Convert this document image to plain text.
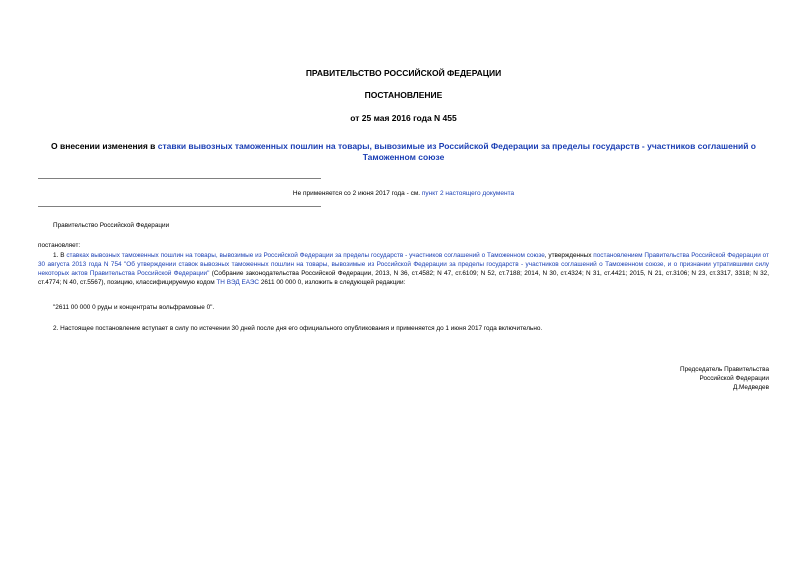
ПРАВИТЕЛЬСТВО РОССИЙСКОЙ ФЕДЕРАЦИИ
ПОСТАНОВЛЕНИЕ
от 25 мая 2016 года N 455
О внесении изменения в ставки вывозных таможенных пошлин на товары, вывозимые из Российской Федерации за пределы государств - участников соглашений о Таможенном союзе
Не применяется со 2 июня 2017 года - см. пункт 2 настоящего документа
Правительство Российской Федерации
постановляет:
1. В ставках вывозных таможенных пошлин на товары, вывозимые из Российской Федерации за пределы государств - участников соглашений о Таможенном союзе, утвержденных постановлением Правительства Российской Федерации от 30 августа 2013 года N 754 "Об утверждении ставок вывозных таможенных пошлин на товары, вывозимые из Российской Федерации за пределы государств - участников соглашений о Таможенном союзе, и о признании утратившими силу некоторых актов Правительства Российской Федерации" (Собрание законодательства Российской Федерации, 2013, N 36, ст.4582; N 47, ст.6109; N 52, ст.7188; 2014, N 30, ст.4324; N 31, ст.4421; 2015, N 21, ст.3106; N 23, ст.3317, 3318; N 32, ст.4774; N 40, ст.5567), позицию, классифицируемую кодом ТН ВЭД ЕАЭС 2611 00 000 0, изложить в следующей редакции:
"2611 00 000 0 руды и концентраты вольфрамовые 0".
2. Настоящее постановление вступает в силу по истечении 30 дней после дня его официального опубликования и применяется до 1 июня 2017 года включительно.
Председатель Правительства
Российской Федерации
Д.Медведев
